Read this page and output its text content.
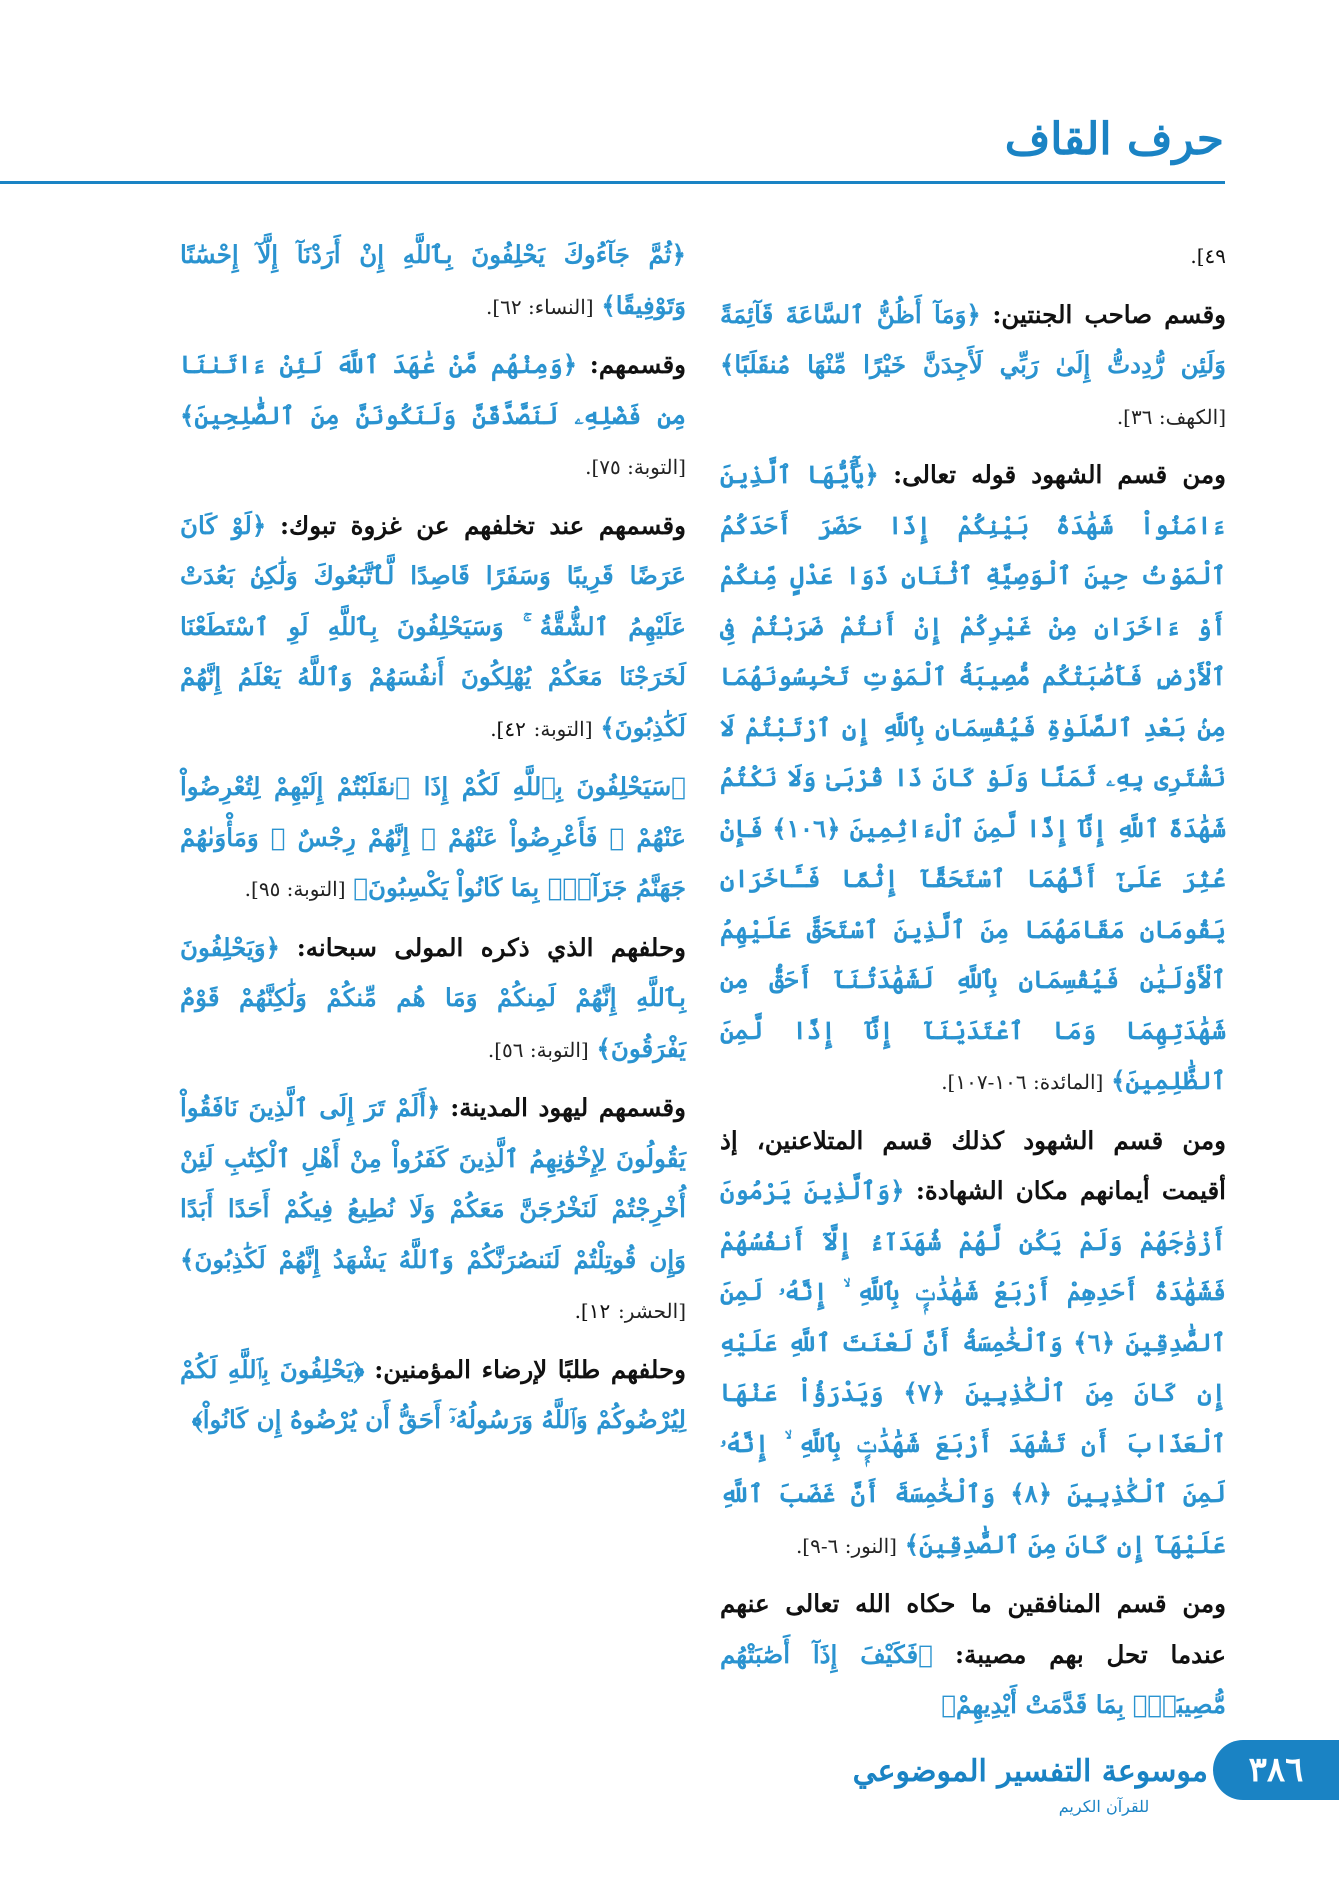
حرف القاف

٤٩].

وقسم صاحب الجنتين: ﴿وَمَآ أَظُنُّ ٱلسَّاعَةَ قَآئِمَةً وَلَئِن رُّدِدتُّ إِلَىٰ رَبِّي لَأَجِدَنَّ خَيْرًا مِّنْهَا مُنقَلَبًا﴾ [الكهف: ٣٦].

ومن قسم الشهود قوله تعالى: ﴿يَٰٓأَيُّهَا ٱلَّذِينَ ءَامَنُواْ شَهَٰدَةُ بَيْنِكُمْ إِذَا حَضَرَ أَحَدَكُمُ ٱلْمَوْتُ حِينَ ٱلْوَصِيَّةِ ٱثْنَانِ ذَوَا عَدْلٍ مِّنكُمْ أَوْ ءَاخَرَانِ مِنْ غَيْرِكُمْ إِنْ أَنتُمْ ضَرَبْتُمْ فِى ٱلْأَرْضِ فَأَصَٰبَتْكُم مُّصِيبَةُ ٱلْمَوْتِ تَحْبِسُونَهُمَا مِنۢ بَعْدِ ٱلصَّلَوٰةِ فَيُقْسِمَانِ بِٱللَّهِ إِنِ ٱرْتَبْتُمْ لَا نَشْتَرِى بِهِۦ ثَمَنًا وَلَوْ كَانَ ذَا قُرْبَىٰ وَلَا نَكْتُمُ شَهَٰدَةَ ٱللَّهِ إِنَّآ إِذًا لَّمِنَ ٱلْءَاثِمِينَ ﴿١٠٦﴾ فَإِنْ عُثِرَ عَلَىٰٓ أَنَّهُمَا ٱسْتَحَقَّآ إِثْمًا فَـَٔاخَرَانِ يَقُومَانِ مَقَامَهُمَا مِنَ ٱلَّذِينَ ٱسْتَحَقَّ عَلَيْهِمُ ٱلْأَوْلَيَٰنِ فَيُقْسِمَانِ بِٱللَّهِ لَشَهَٰدَتُنَآ أَحَقُّ مِن شَهَٰدَتِهِمَا وَمَا ٱعْتَدَيْنَآ إِنَّآ إِذًا لَّمِنَ ٱلظَّٰلِمِينَ﴾ [المائدة: ١٠٦-١٠٧].

ومن قسم الشهود كذلك قسم المتلاعنين، إذ أقيمت أيمانهم مكان الشهادة: ﴿وَٱلَّذِينَ يَرْمُونَ أَزْوَٰجَهُمْ وَلَمْ يَكُن لَّهُمْ شُهَدَآءُ إِلَّآ أَنفُسُهُمْ فَشَهَٰدَةُ أَحَدِهِمْ أَرْبَعُ شَهَٰدَٰتٍۭ بِٱللَّهِ ۙ إِنَّهُۥ لَمِنَ ٱلصَّٰدِقِينَ ﴿٦﴾ وَٱلْخَٰمِسَةُ أَنَّ لَعْنَتَ ٱللَّهِ عَلَيْهِ إِن كَانَ مِنَ ٱلْكَٰذِبِينَ ﴿٧﴾ وَيَدْرَؤُاْ عَنْهَا ٱلْعَذَابَ أَن تَشْهَدَ أَرْبَعَ شَهَٰدَٰتٍۭ بِٱللَّهِ ۙ إِنَّهُۥ لَمِنَ ٱلْكَٰذِبِينَ ﴿٨﴾ وَٱلْخَٰمِسَةَ أَنَّ غَضَبَ ٱللَّهِ عَلَيْهَآ إِن كَانَ مِنَ ٱلصَّٰدِقِينَ﴾ [النور: ٦-٩].

ومن قسم المنافقين ما حكاه الله تعالى عنهم عندما تحل بهم مصيبة: ﴿فَكَيْفَ إِذَآ أَصَٰبَتْهُم مُّصِيبَةٌۢ بِمَا قَدَّمَتْ أَيْدِيهِمْ﴾

﴿ثُمَّ جَآءُوكَ يَحْلِفُونَ بِٱللَّهِ إِنْ أَرَدْنَآ إِلَّآ إِحْسَٰنًا وَتَوْفِيقًا﴾ [النساء: ٦٢].

وقسمهم: ﴿وَمِنْهُم مَّنْ عَٰهَدَ ٱللَّهَ لَئِنْ ءَاتَىٰنَا مِن فَضْلِهِۦ لَنَصَّدَّقَنَّ وَلَنَكُونَنَّ مِنَ ٱلصَّٰلِحِينَ﴾ [التوبة: ٧٥].

وقسمهم عند تخلفهم عن غزوة تبوك: ﴿لَوْ كَانَ عَرَضًا قَرِيبًا وَسَفَرًا قَاصِدًا لَّٱتَّبَعُوكَ وَلَٰكِنۢ بَعُدَتْ عَلَيْهِمُ ٱلشُّقَّةُ ۚ وَسَيَحْلِفُونَ بِٱللَّهِ لَوِ ٱسْتَطَعْنَا لَخَرَجْنَا مَعَكُمْ يُهْلِكُونَ أَنفُسَهُمْ وَٱللَّهُ يَعْلَمُ إِنَّهُمْ لَكَٰذِبُونَ﴾ [التوبة: ٤٢].

﴿سَيَحْلِفُونَ بِٱللَّهِ لَكُمْ إِذَا ٱنقَلَبْتُمْ إِلَيْهِمْ لِتُعْرِضُواْ عَنْهُمْ ۖ فَأَعْرِضُواْ عَنْهُمْ ۖ إِنَّهُمْ رِجْسٌ ۖ وَمَأْوَىٰهُمْ جَهَنَّمُ جَزَآءًۢ بِمَا كَانُواْ يَكْسِبُونَ﴾ [التوبة: ٩٥].

وحلفهم الذي ذكره المولى سبحانه: ﴿وَيَحْلِفُونَ بِٱللَّهِ إِنَّهُمْ لَمِنكُمْ وَمَا هُم مِّنكُمْ وَلَٰكِنَّهُمْ قَوْمٌ يَفْرَقُونَ﴾ [التوبة: ٥٦].

وقسمهم ليهود المدينة: ﴿أَلَمْ تَرَ إِلَى ٱلَّذِينَ نَافَقُواْ يَقُولُونَ لِإِخْوَٰنِهِمُ ٱلَّذِينَ كَفَرُواْ مِنْ أَهْلِ ٱلْكِتَٰبِ لَئِنْ أُخْرِجْتُمْ لَنَخْرُجَنَّ مَعَكُمْ وَلَا نُطِيعُ فِيكُمْ أَحَدًا أَبَدًا وَإِن قُوتِلْتُمْ لَنَنصُرَنَّكُمْ وَٱللَّهُ يَشْهَدُ إِنَّهُمْ لَكَٰذِبُونَ﴾ [الحشر: ١٢].

وحلفهم طلبًا لإرضاء المؤمنين: ﴿يَحْلِفُونَ بِٱللَّهِ لَكُمْ لِيُرْضُوكُمْ وَٱللَّهُ وَرَسُولُهُۥٓ أَحَقُّ أَن يُرْضُوهُ إِن كَانُواْ﴾

موسوعة التفسير الموضوعي
للقرآن الكريم
٣٨٦
